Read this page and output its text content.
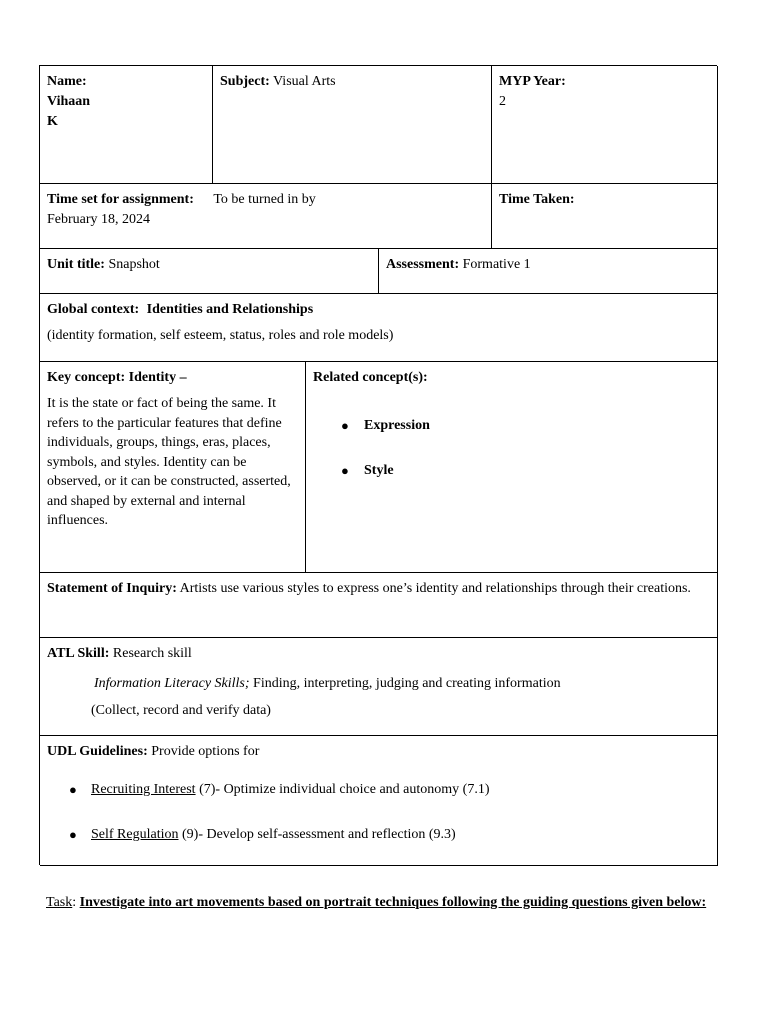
Name:
Vihaan
K
Subject: Visual Arts	MYP Year:
2
Time set for assignment: To be turned in by
February 18, 2024
Time Taken:
Unit title: Snapshot	Assessment: Formative 1
Global context: Identities and Relationships
(identity formation, self esteem, status, roles and role models)
Key concept: Identity –
It is the state or fact of being the same. It refers to the particular features that define individuals, groups, things, eras, places, symbols, and styles. Identity can be observed, or it can be constructed, asserted, and shaped by external and internal influences.
Related concept(s):
● Expression
● Style
Statement of Inquiry: Artists use various styles to express one’s identity and relationships through their creations.
ATL Skill: Research skill
Information Literacy Skills; Finding, interpreting, judging and creating information
(Collect, record and verify data)
UDL Guidelines: Provide options for
● Recruiting Interest (7)- Optimize individual choice and autonomy (7.1)
● Self Regulation (9)- Develop self-assessment and reflection (9.3)
Task: Investigate into art movements based on portrait techniques following the guiding questions given below:
